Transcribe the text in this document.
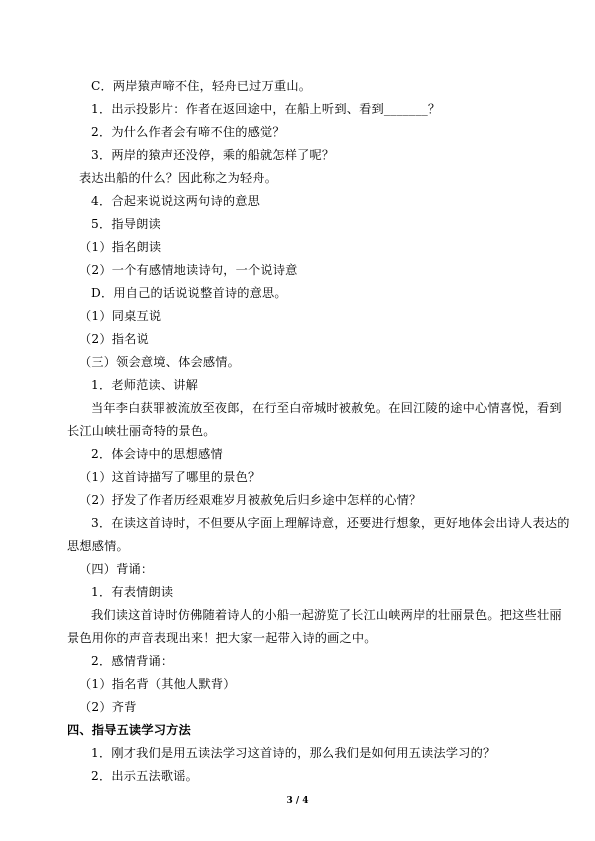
C．两岸猿声啼不住，轻舟已过万重山。
1．出示投影片：作者在返回途中，在船上听到、看到_______？
2．为什么作者会有啼不住的感觉？
3．两岸的猿声还没停，乘的船就怎样了呢？
表达出船的什么？因此称之为轻舟。
4．合起来说说这两句诗的意思
5．指导朗读
（1）指名朗读
（2）一个有感情地读诗句，一个说诗意
D．用自己的话说说整首诗的意思。
（1）同桌互说
（2）指名说
（三）领会意境、体会感情。
1．老师范读、讲解
当年李白获罪被流放至夜郎，在行至白帝城时被赦免。在回江陵的途中心情喜悦，看到
长江山峡壮丽奇特的景色。
2．体会诗中的思想感情
（1）这首诗描写了哪里的景色？
（2）抒发了作者历经艰难岁月被赦免后归乡途中怎样的心情？
3．在读这首诗时，不但要从字面上理解诗意，还要进行想象，更好地体会出诗人表达的
思想感情。
（四）背诵：
1．有表情朗读
我们读这首诗时仿佛随着诗人的小船一起游览了长江山峡两岸的壮丽景色。把这些壮丽
景色用你的声音表现出来！把大家一起带入诗的画之中。
2．感情背诵：
（1）指名背（其他人默背）
（2）齐背
四、指导五读学习方法
1．刚才我们是用五读法学习这首诗的，那么我们是如何用五读法学习的？
2．出示五法歌谣。
3 / 4
